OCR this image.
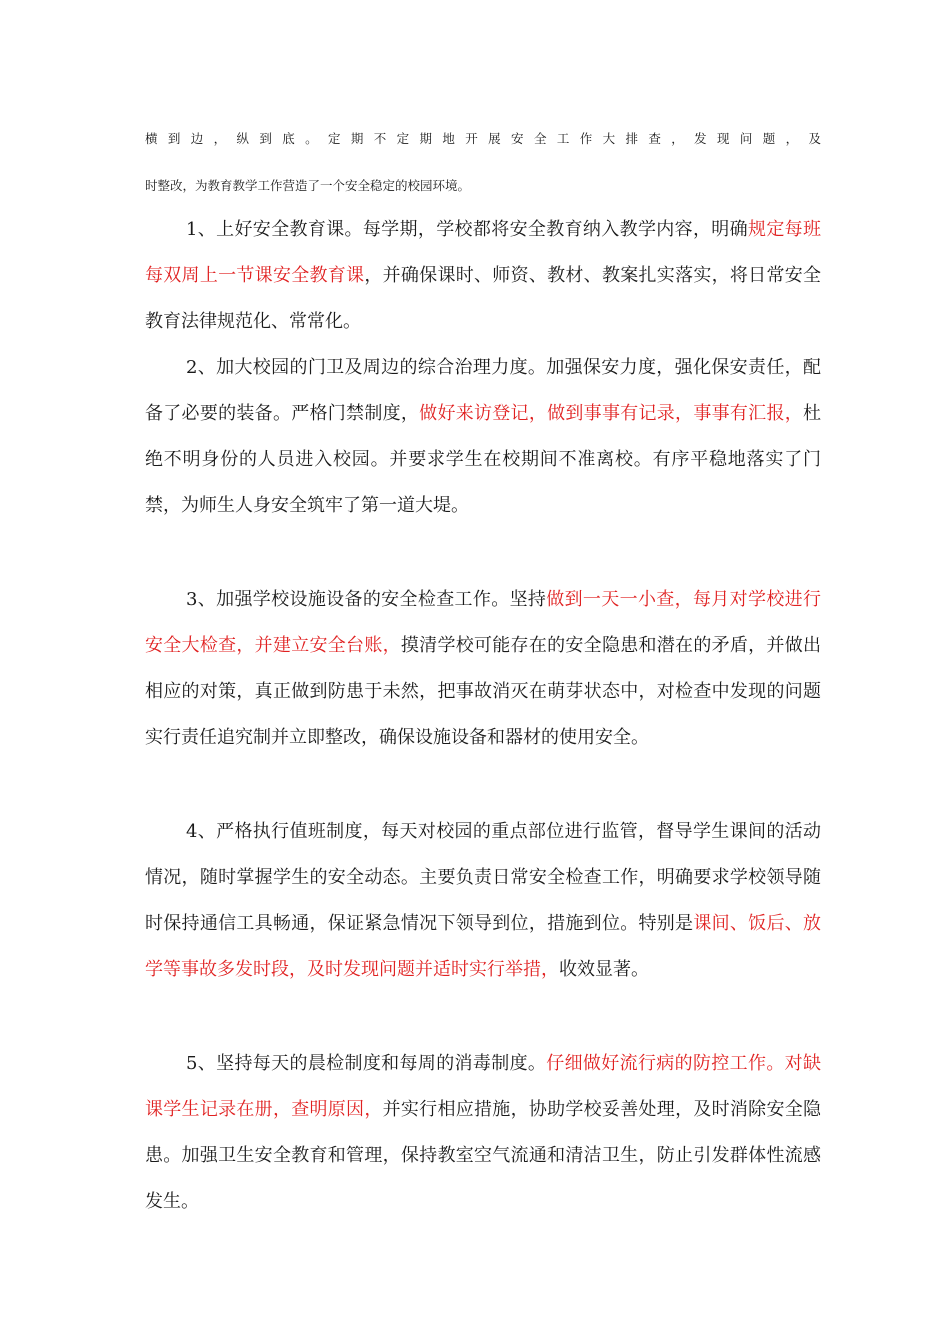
横到边，纵到底。定期不定期地开展安全工作大排查，发现问题，及
时整改，为教育教学工作营造了一个安全稳定的校园环境。

1、上好安全教育课。每学期，学校都将安全教育纳入教学内容，明确规定每班每双周上一节课安全教育课，并确保课时、师资、教材、教案扎实落实，将日常安全教育法律规范化、常常化。

2、加大校园的门卫及周边的综合治理力度。加强保安力度，强化保安责任，配备了必要的装备。严格门禁制度，做好来访登记，做到事事有记录，事事有汇报，杜绝不明身份的人员进入校园。并要求学生在校期间不准离校。有序平稳地落实了门禁，为师生人身安全筑牢了第一道大堤。

3、加强学校设施设备的安全检查工作。坚持做到一天一小查，每月对学校进行安全大检查，并建立安全台账，摸清学校可能存在的安全隐患和潜在的矛盾，并做出相应的对策，真正做到防患于未然，把事故消灭在萌芽状态中，对检查中发现的问题实行责任追究制并立即整改，确保设施设备和器材的使用安全。

4、严格执行值班制度，每天对校园的重点部位进行监管，督导学生课间的活动情况，随时掌握学生的安全动态。主要负责日常安全检查工作，明确要求学校领导随时保持通信工具畅通，保证紧急情况下领导到位，措施到位。特别是课间、饭后、放学等事故多发时段，及时发现问题并适时实行举措，收效显著。

5、坚持每天的晨检制度和每周的消毒制度。仔细做好流行病的防控工作。对缺课学生记录在册，查明原因，并实行相应措施，协助学校妥善处理，及时消除安全隐患。加强卫生安全教育和管理，保持教室空气流通和清洁卫生，防止引发群体性流感发生。
